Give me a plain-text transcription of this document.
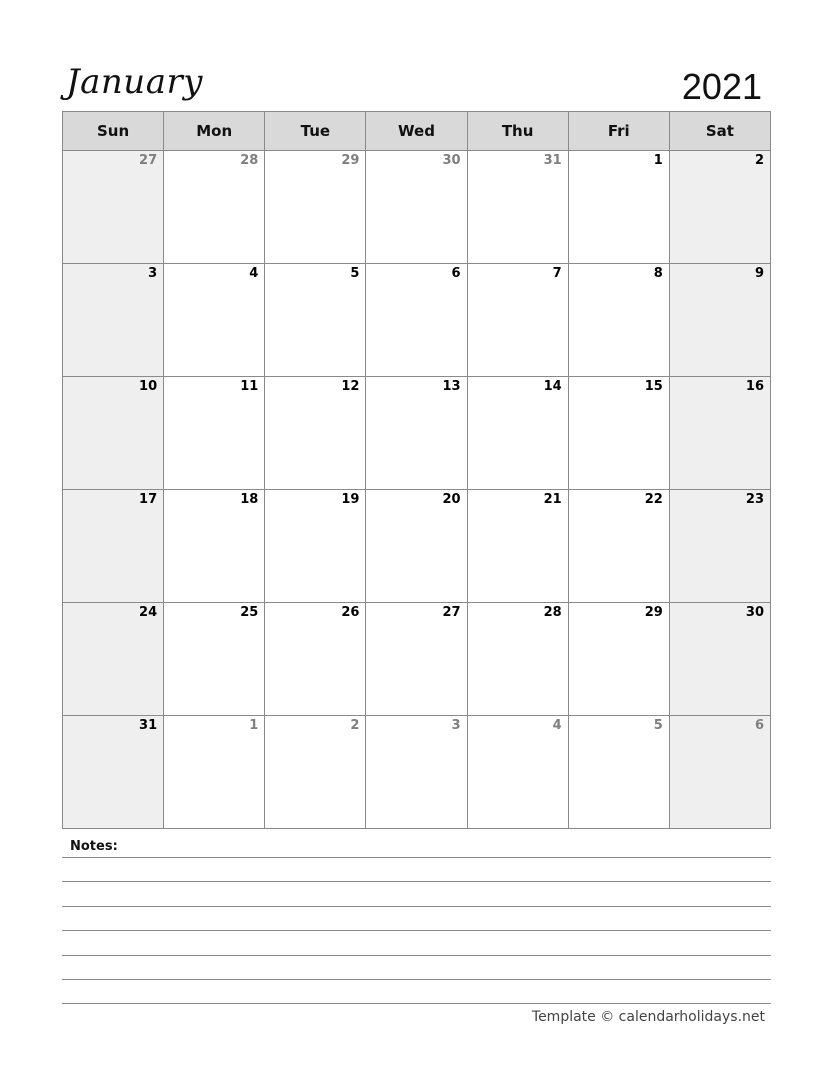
January	2021
Sun	Mon	Tue	Wed	Thu	Fri	Sat
27	28	29	30	31	1	2
3	4	5	6	7	8	9
10	11	12	13	14	15	16
17	18	19	20	21	22	23
24	25	26	27	28	29	30
31	1	2	3	4	5	6
Notes:
Template © calendarholidays.net
